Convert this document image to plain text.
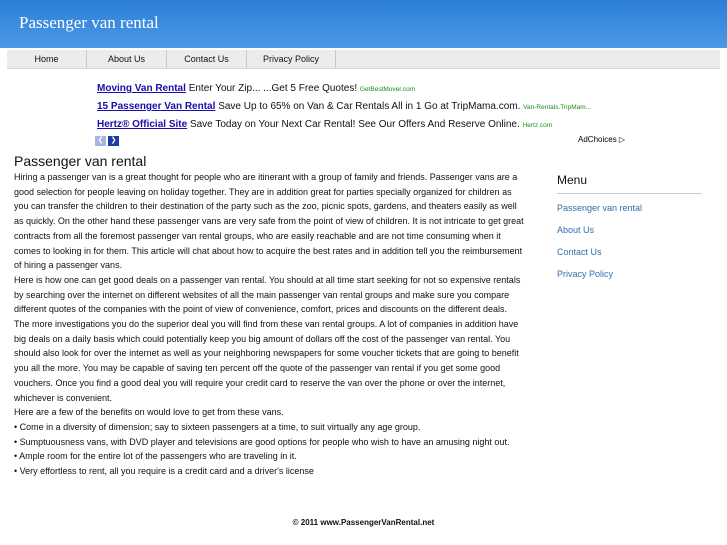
Passenger van rental
Home	About Us	Contact Us	Privacy Policy
Moving Van Rental Enter Your Zip... ...Get 5 Free Quotes! GetBestMover.com
15 Passenger Van Rental Save Up to 65% on Van & Car Rentals All in 1 Go at TripMama.com. Van-Rentals.TripMam...
Hertz® Official Site Save Today on Your Next Car Rental! See Our Offers And Reserve Online. Hertz.com
❮	❯	AdChoices ▷
Passenger van rental

Hiring a passenger van is a great thought for people who are itinerant with a group of family and friends. Passenger vans are a good selection for people leaving on holiday together. They are in addition great for parties specially organized for children as you can transfer the children to their destination of the party such as the zoo, picnic spots, gardens, and theaters easily as well as quickly. On the other hand these passenger vans are very safe from the point of view of children. It is not intricate to get great contracts from all the foremost passenger van rental groups, who are easily reachable and are not time consuming when it comes to looking in for them. This article will chat about how to acquire the best rates and in addition tell you the reimbursement of hiring a passenger vans.

Here is how one can get good deals on a passenger van rental. You should at all time start seeking for not so expensive rentals by searching over the internet on different websites of all the main passenger van rental groups and make sure you compare different quotes of the companies with the point of view of convenience, comfort, prices and discounts on the different deals. The more investigations you do the superior deal you will find from these van rental groups. A lot of companies in addition have big deals on a daily basis which could potentially keep you big amount of dollars off the cost of the passenger van rental. You should also look for over the internet as well as your neighboring newspapers for some voucher tickets that are going to benefit you all the more. You may be capable of saving ten percent off the quote of the passenger van rental if you get some good vouchers. Once you find a good deal you will require your credit card to reserve the van over the phone or over the internet, whichever is convenient.

Here are a few of the benefits on would love to get from these vans.

• Come in a diversity of dimension; say to sixteen passengers at a time, to suit virtually any age group.

• Sumptuousness vans, with DVD player and televisions are good options for people who wish to have an amusing night out.

• Ample room for the entire lot of the passengers who are traveling in it.

• Very effortless to rent, all you require is a credit card and a driver's license

Menu
Passenger van rental
About Us
Contact Us
Privacy Policy
© 2011 www.PassengerVanRental.net
